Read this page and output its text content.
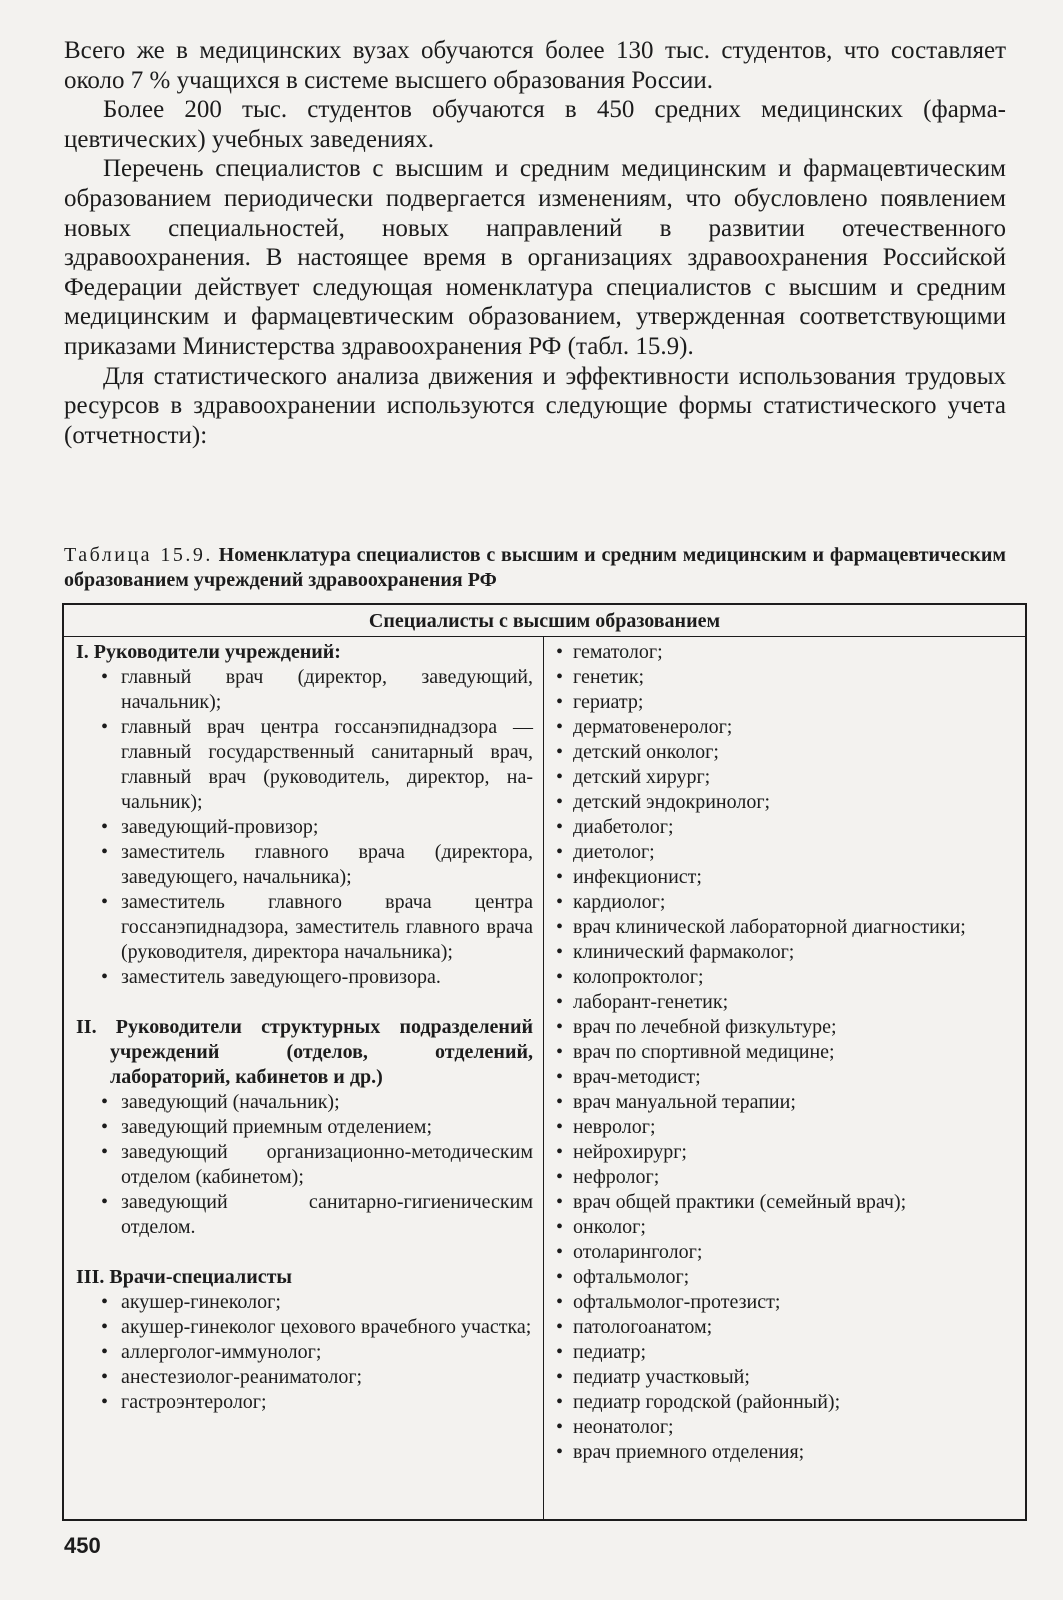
Всего же в медицинских вузах обучаются более 130 тыс. студентов, что составляет около 7 % учащихся в системе высшего образования России.

Более 200 тыс. студентов обучаются в 450 средних медицинских (фармацевтических) учебных заведениях.

Перечень специалистов с высшим и средним медицинским и фармацевтическим образованием периодически подвергается изменениям, что обусловлено появлением новых специальностей, новых направлений в развитии отечественного здравоохранения. В настоящее время в организациях здравоохранения Российской Федерации действует следующая номенклатура специалистов с высшим и средним медицинским и фармацевтическим образованием, утвержденная соответствующими приказами Министерства здравоохранения РФ (табл. 15.9).

Для статистического анализа движения и эффективности использования трудовых ресурсов в здравоохранении используются следующие формы статистического учета (отчетности):

Таблица 15.9. Номенклатура специалистов с высшим и средним медицинским и фармацевтическим образованием учреждений здравоохранения РФ
Специалисты с высшим образованием
I. Руководители учреждений:
• главный врач (директор, заведующий, начальник);
• главный врач центра госсанэпиднадзора — главный государственный санитарный врач, главный врач (руководитель, директор, начальник);
• заведующий-провизор;
• заместитель главного врача (директора, заведующего, начальника);
• заместитель главного врача центра госсанэпиднадзора, заместитель главного врача (руководителя, директора начальника);
• заместитель заведующего-провизора.
II. Руководители структурных подразделений учреждений (отделов, отделений, лабораторий, кабинетов и др.)
• заведующий (начальник);
• заведующий приемным отделением;
• заведующий организационно-методическим отделом (кабинетом);
• заведующий санитарно-гигиеническим отделом.
III. Врачи-специалисты
• акушер-гинеколог;
• акушер-гинеколог цехового врачебного участка;
• аллерголог-иммунолог;
• анестезиолог-реаниматолог;
• гастроэнтеролог;
• гематолог;
• генетик;
• гериатр;
• дерматовенеролог;
• детский онколог;
• детский хирург;
• детский эндокринолог;
• диабетолог;
• диетолог;
• инфекционист;
• кардиолог;
• врач клинической лабораторной диагностики;
• клинический фармаколог;
• колопроктолог;
• лаборант-генетик;
• врач по лечебной физкультуре;
• врач по спортивной медицине;
• врач-методист;
• врач мануальной терапии;
• невролог;
• нейрохирург;
• нефролог;
• врач общей практики (семейный врач);
• онколог;
• отоларинголог;
• офтальмолог;
• офтальмолог-протезист;
• патологоанатом;
• педиатр;
• педиатр участковый;
• педиатр городской (районный);
• неонатолог;
• врач приемного отделения;
450
